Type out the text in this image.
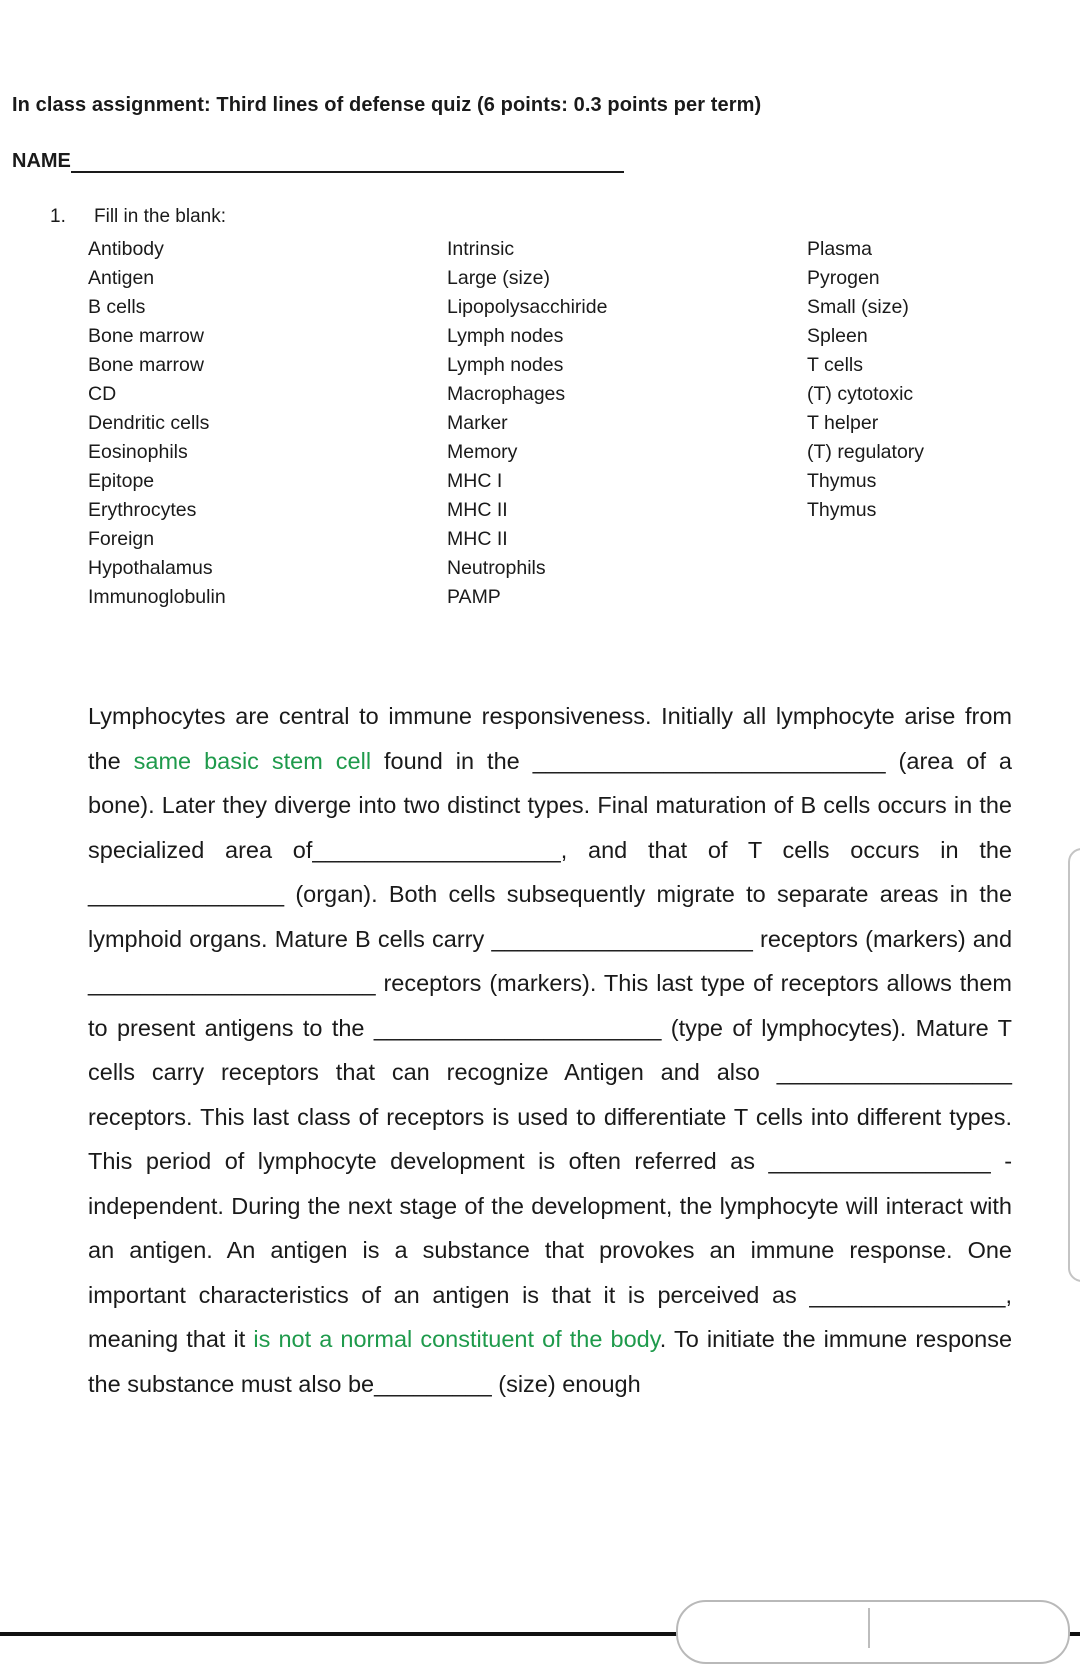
In class assignment: Third lines of defense quiz (6 points: 0.3 points per term)
NAME
1. Fill in the blank:
Antibody
Antigen
B cells
Bone marrow
Bone marrow
CD
Dendritic cells
Eosinophils
Epitope
Erythrocytes
Foreign
Hypothalamus
Immunoglobulin
Intrinsic
Large (size)
Lipopolysacchiride
Lymph nodes
Lymph nodes
Macrophages
Marker
Memory
MHC I
MHC II
MHC II
Neutrophils
PAMP
Plasma
Pyrogen
Small (size)
Spleen
T cells
(T) cytotoxic
T helper
(T) regulatory
Thymus
Thymus

Lymphocytes are central to immune responsiveness. Initially all lymphocyte arise from the same basic stem cell found in the ___________________________ (area of a bone). Later they diverge into two distinct types. Final maturation of B cells occurs in the specialized area of___________________, and that of T cells occurs in the _______________ (organ). Both cells subsequently migrate to separate areas in the lymphoid organs. Mature B cells carry ____________________ receptors (markers) and ______________________ receptors (markers). This last type of receptors allows them to present antigens to the ______________________ (type of lymphocytes). Mature T cells carry receptors that can recognize Antigen and also __________________ receptors. This last class of receptors is used to differentiate T cells into different types. This period of lymphocyte development is often referred as _________________ - independent. During the next stage of the development, the lymphocyte will interact with an antigen. An antigen is a substance that provokes an immune response. One important characteristics of an antigen is that it is perceived as _______________, meaning that it is not a normal constituent of the body. To initiate the immune response the substance must also be_________ (size) enough
